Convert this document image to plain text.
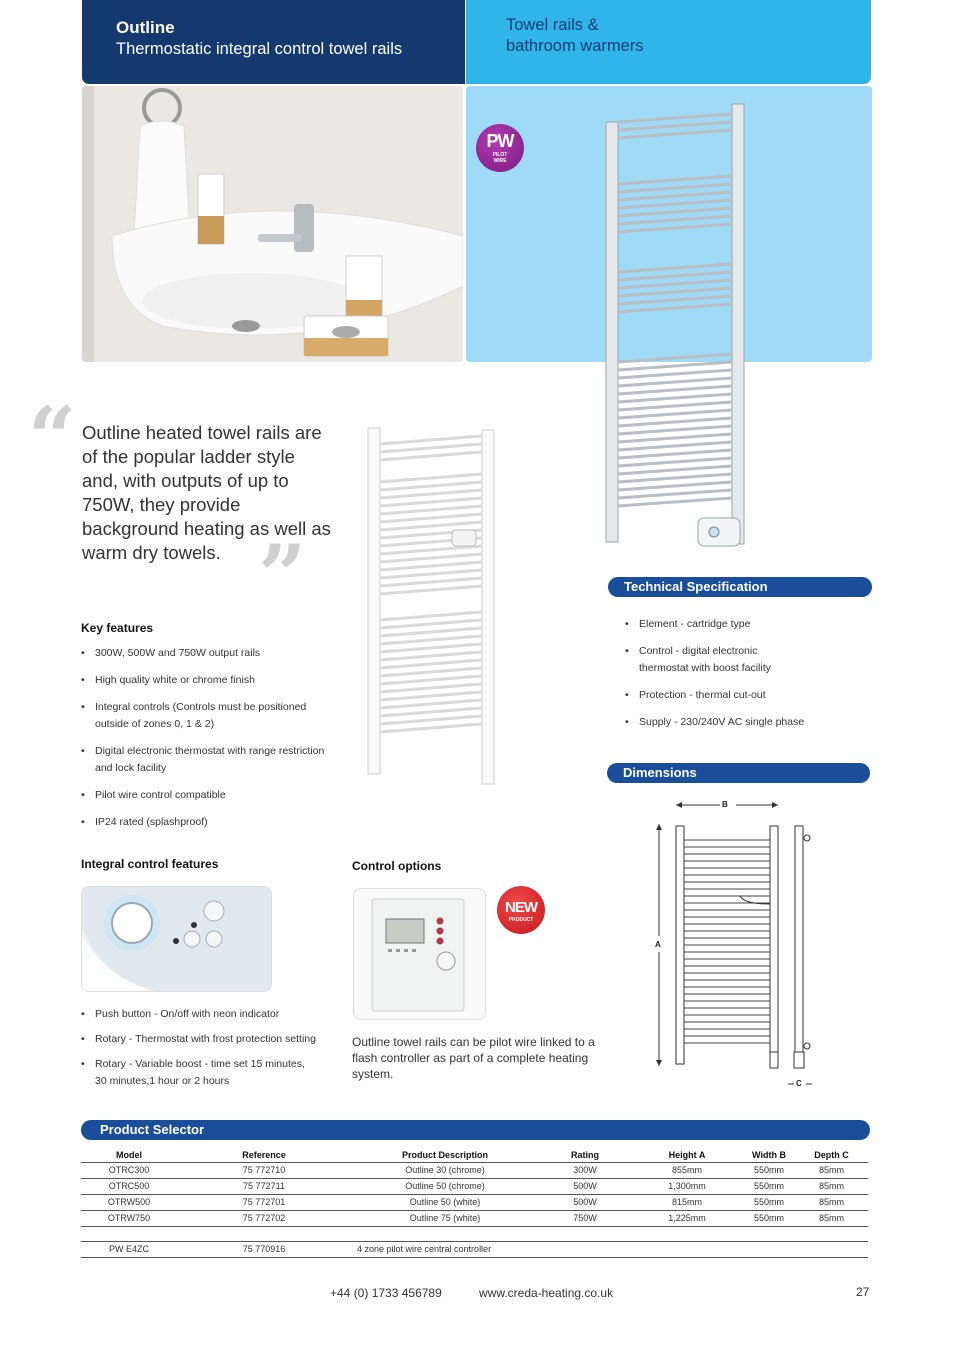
Outline
Thermostatic integral control towel rails
Towel rails &
bathroom warmers
PW
PILOT
WIRE
“ Outline heated towel rails are of the popular ladder style and, with outputs of up to 750W, they provide background heating as well as warm dry towels. ”
Key features
• 300W, 500W and 750W output rails
• High quality white or chrome finish
• Integral controls (Controls must be positioned outside of zones 0, 1 & 2)
• Digital electronic thermostat with range restriction and lock facility
• Pilot wire control compatible
• IP24 rated (splashproof)
Integral control features
• Push button - On/off with neon indicator
• Rotary - Thermostat with frost protection setting
• Rotary - Variable boost - time set 15 minutes, 30 minutes,1 hour or 2 hours
Control options
NEW
PRODUCT
Outline towel rails can be pilot wire linked to a flash controller as part of a complete heating system.
Technical Specification
• Element - cartridge type
• Control - digital electronic thermostat with boost facility
• Protection - thermal cut-out
• Supply - 230/240V AC single phase
Dimensions
B
A
C
Product Selector
Model	Reference	Product Description	Rating	Height A	Width B	Depth C
OTRC300	75 772710	Outline 30 (chrome)	300W	855mm	550mm	85mm
OTRC500	75 772711	Outline 50 (chrome)	500W	1,300mm	550mm	85mm
OTRW500	75 772701	Outline 50 (white)	500W	815mm	550mm	85mm
OTRW750	75 772702	Outline 75 (white)	750W	1,225mm	550mm	85mm
PW E4ZC	75 770916	4 zone pilot wire central controller
+44 (0) 1733 456789	www.creda-heating.co.uk	27
